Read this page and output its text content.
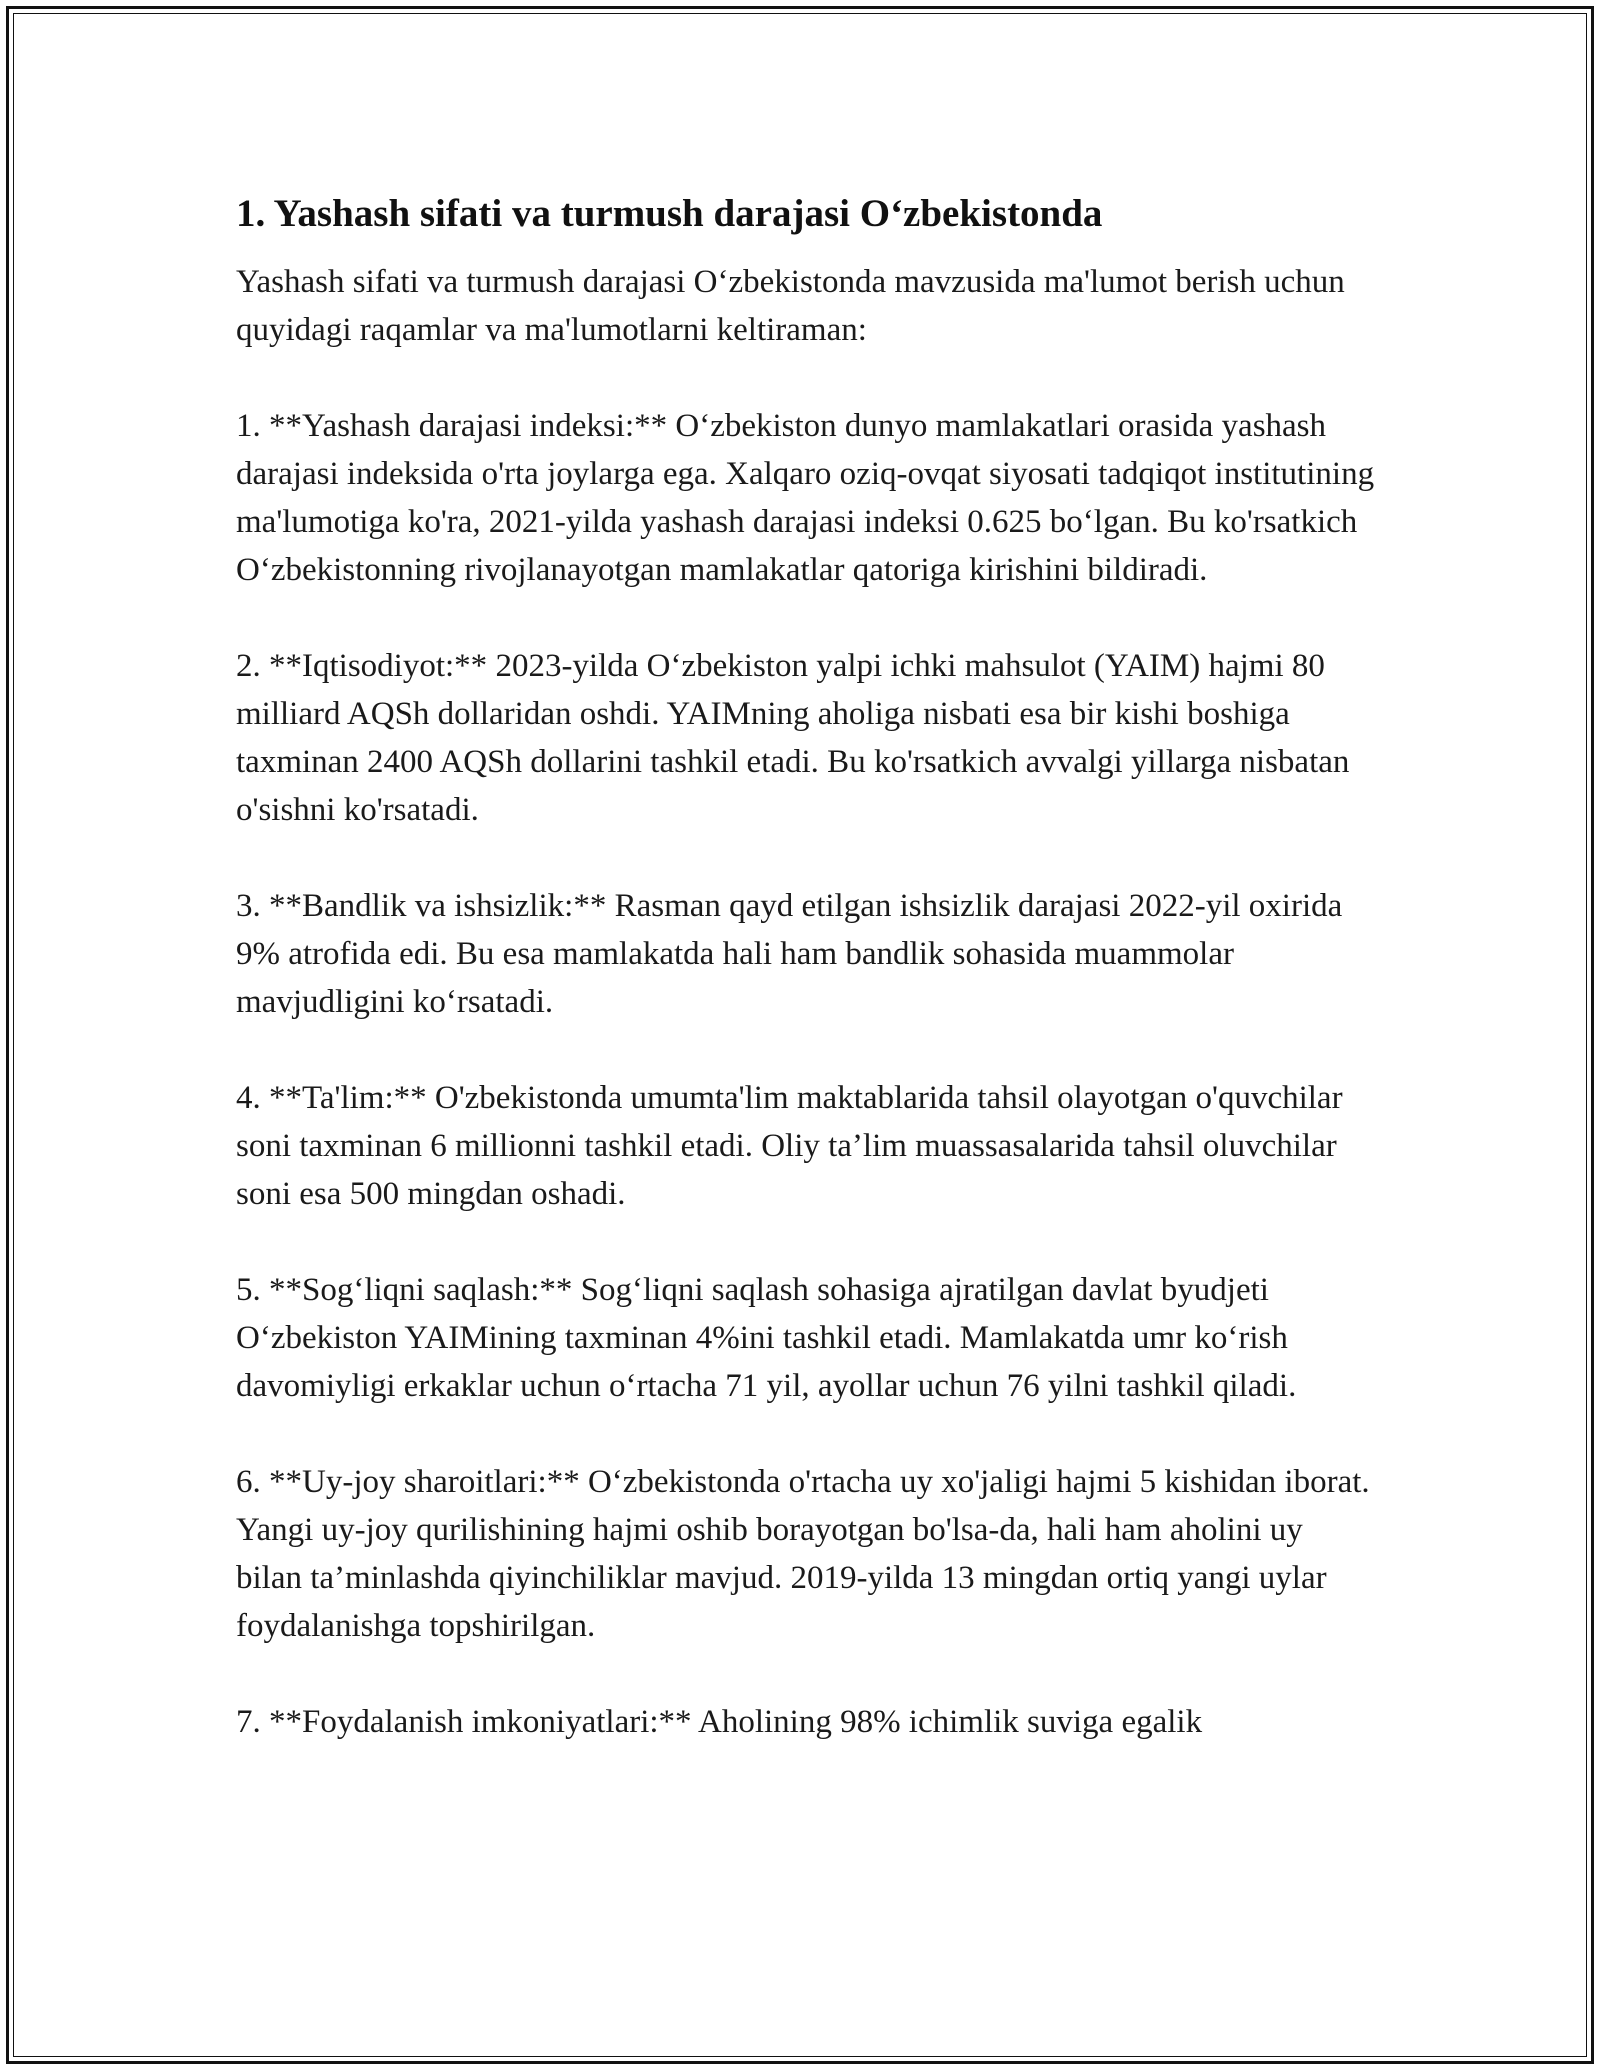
1. Yashash sifati va turmush darajasi O‘zbekistonda

Yashash sifati va turmush darajasi O‘zbekistonda mavzusida ma'lumot berish uchun quyidagi raqamlar va ma'lumotlarni keltiraman:

1. **Yashash darajasi indeksi:** O‘zbekiston dunyo mamlakatlari orasida yashash darajasi indeksida o'rta joylarga ega. Xalqaro oziq-ovqat siyosati tadqiqot institutining ma'lumotiga ko'ra, 2021-yilda yashash darajasi indeksi 0.625 bo‘lgan. Bu ko'rsatkich O‘zbekistonning rivojlanayotgan mamlakatlar qatoriga kirishini bildiradi.

2. **Iqtisodiyot:** 2023-yilda O‘zbekiston yalpi ichki mahsulot (YAIM) hajmi 80 milliard AQSh dollaridan oshdi. YAIMning aholiga nisbati esa bir kishi boshiga taxminan 2400 AQSh dollarini tashkil etadi. Bu ko'rsatkich avvalgi yillarga nisbatan o'sishni ko'rsatadi.

3. **Bandlik va ishsizlik:** Rasman qayd etilgan ishsizlik darajasi 2022-yil oxirida 9% atrofida edi. Bu esa mamlakatda hali ham bandlik sohasida muammolar mavjudligini ko‘rsatadi.

4. **Ta'lim:** O'zbekistonda umumta'lim maktablarida tahsil olayotgan o'quvchilar soni taxminan 6 millionni tashkil etadi. Oliy ta’lim muassasalarida tahsil oluvchilar soni esa 500 mingdan oshadi.

5. **Sog‘liqni saqlash:** Sog‘liqni saqlash sohasiga ajratilgan davlat byudjeti O‘zbekiston YAIMining taxminan 4%ini tashkil etadi. Mamlakatda umr ko‘rish davomiyligi erkaklar uchun o‘rtacha 71 yil, ayollar uchun 76 yilni tashkil qiladi.

6. **Uy-joy sharoitlari:** O‘zbekistonda o'rtacha uy xo'jaligi hajmi 5 kishidan iborat. Yangi uy-joy qurilishining hajmi oshib borayotgan bo'lsa-da, hali ham aholini uy bilan ta’minlashda qiyinchiliklar mavjud. 2019-yilda 13 mingdan ortiq yangi uylar foydalanishga topshirilgan.

7. **Foydalanish imkoniyatlari:** Aholining 98% ichimlik suviga egalik
